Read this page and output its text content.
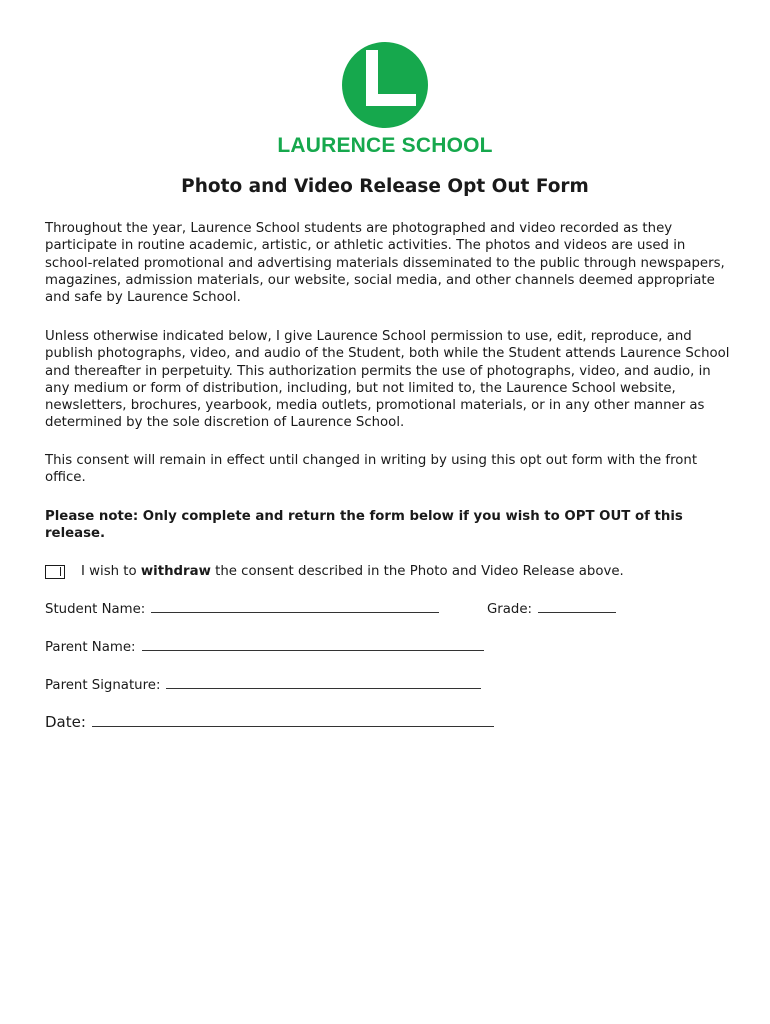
LAURENCE SCHOOL
Photo and Video Release Opt Out Form
Throughout the year, Laurence School students are photographed and video recorded as they participate in routine academic, artistic, or athletic activities. The photos and videos are used in school-related promotional and advertising materials disseminated to the public through newspapers, magazines, admission materials, our website, social media, and other channels deemed appropriate and safe by Laurence School.
Unless otherwise indicated below, I give Laurence School permission to use, edit, reproduce, and publish photographs, video, and audio of the Student, both while the Student attends Laurence School and thereafter in perpetuity. This authorization permits the use of photographs, video, and audio, in any medium or form of distribution, including, but not limited to, the Laurence School website, newsletters, brochures, yearbook, media outlets, promotional materials, or in any other manner as determined by the sole discretion of Laurence School.
This consent will remain in effect until changed in writing by using this opt out form with the front office.
Please note: Only complete and return the form below if you wish to OPT OUT of this release.
I wish to withdraw the consent described in the Photo and Video Release above.
Student Name:	Grade:
Parent Name:
Parent Signature:
Date:
